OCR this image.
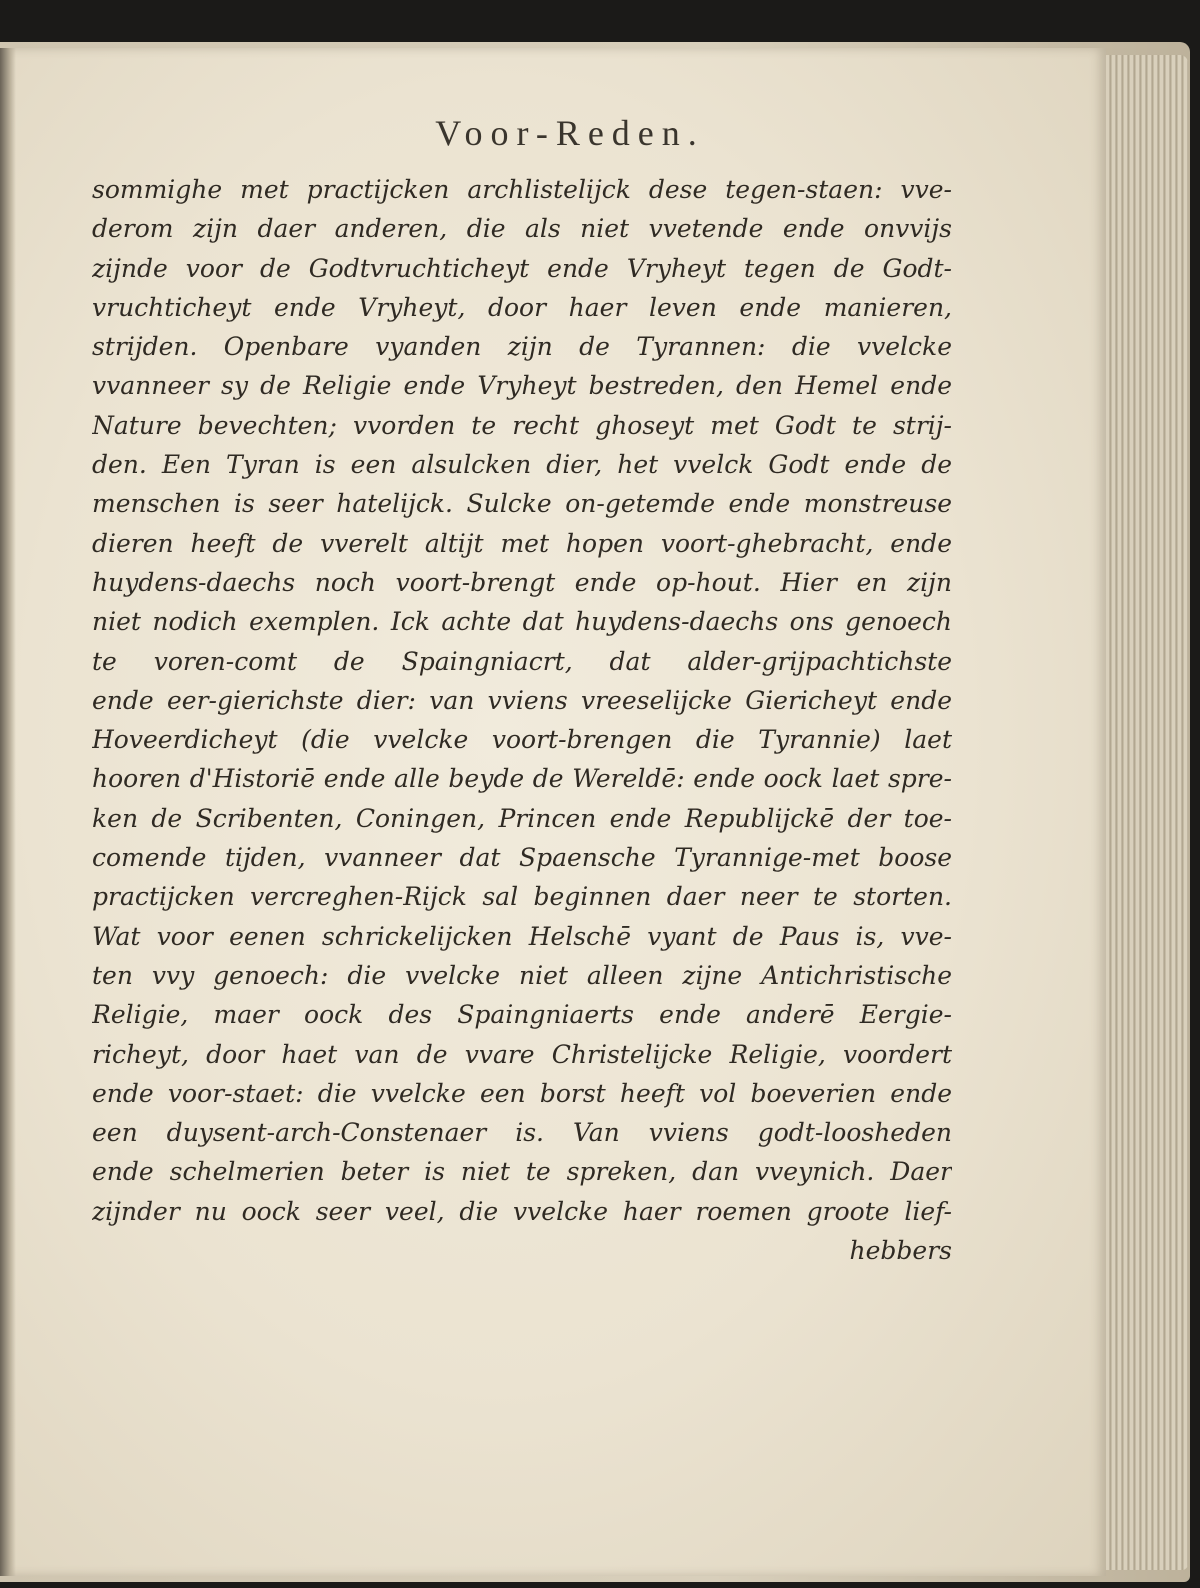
Voor-Reden.
sommighe met practijcken archlistelijck dese tegen-staen: vve-
derom zijn daer anderen, die als niet vvetende ende onvvijs
zijnde voor de Godtvruchticheyt ende Vryheyt tegen de Godt-
vruchticheyt ende Vryheyt, door haer leven ende manieren,
strijden. Openbare vyanden zijn de Tyrannen: die vvelcke
vvanneer sy de Religie ende Vryheyt bestreden, den Hemel ende
Nature bevechten; vvorden te recht ghoseyt met Godt te strij-
den. Een Tyran is een alsulcken dier, het vvelck Godt ende de
menschen is seer hatelijck. Sulcke on-getemde ende monstreuse
dieren heeft de vverelt altijt met hopen voort-ghebracht, ende
huydens-daechs noch voort-brengt ende op-hout. Hier en zijn
niet nodich exemplen. Ick achte dat huydens-daechs ons genoech
te voren-comt de Spaingniacrt, dat alder-grijpachtichste
ende eer-gierichste dier: van vviens vreeselijcke Giericheyt ende
Hoveerdicheyt (die vvelcke voort-brengen die Tyrannie) laet
hooren d'Historiē ende alle beyde de Wereldē: ende oock laet spre-
ken de Scribenten, Coningen, Princen ende Republijckē der toe-
comende tijden, vvanneer dat Spaensche Tyrannige-met boose
practijcken vercreghen-Rijck sal beginnen daer neer te storten.
Wat voor eenen schrickelijcken Helschē vyant de Paus is, vve-
ten vvy genoech: die vvelcke niet alleen zijne Antichristische
Religie, maer oock des Spaingniaerts ende anderē Eergie-
richeyt, door haet van de vvare Christelijcke Religie, voordert
ende voor-staet: die vvelcke een borst heeft vol boeverien ende
een duysent-arch-Constenaer is. Van vviens godt-loosheden
ende schelmerien beter is niet te spreken, dan vveynich. Daer
zijnder nu oock seer veel, die vvelcke haer roemen groote lief-
hebbers
